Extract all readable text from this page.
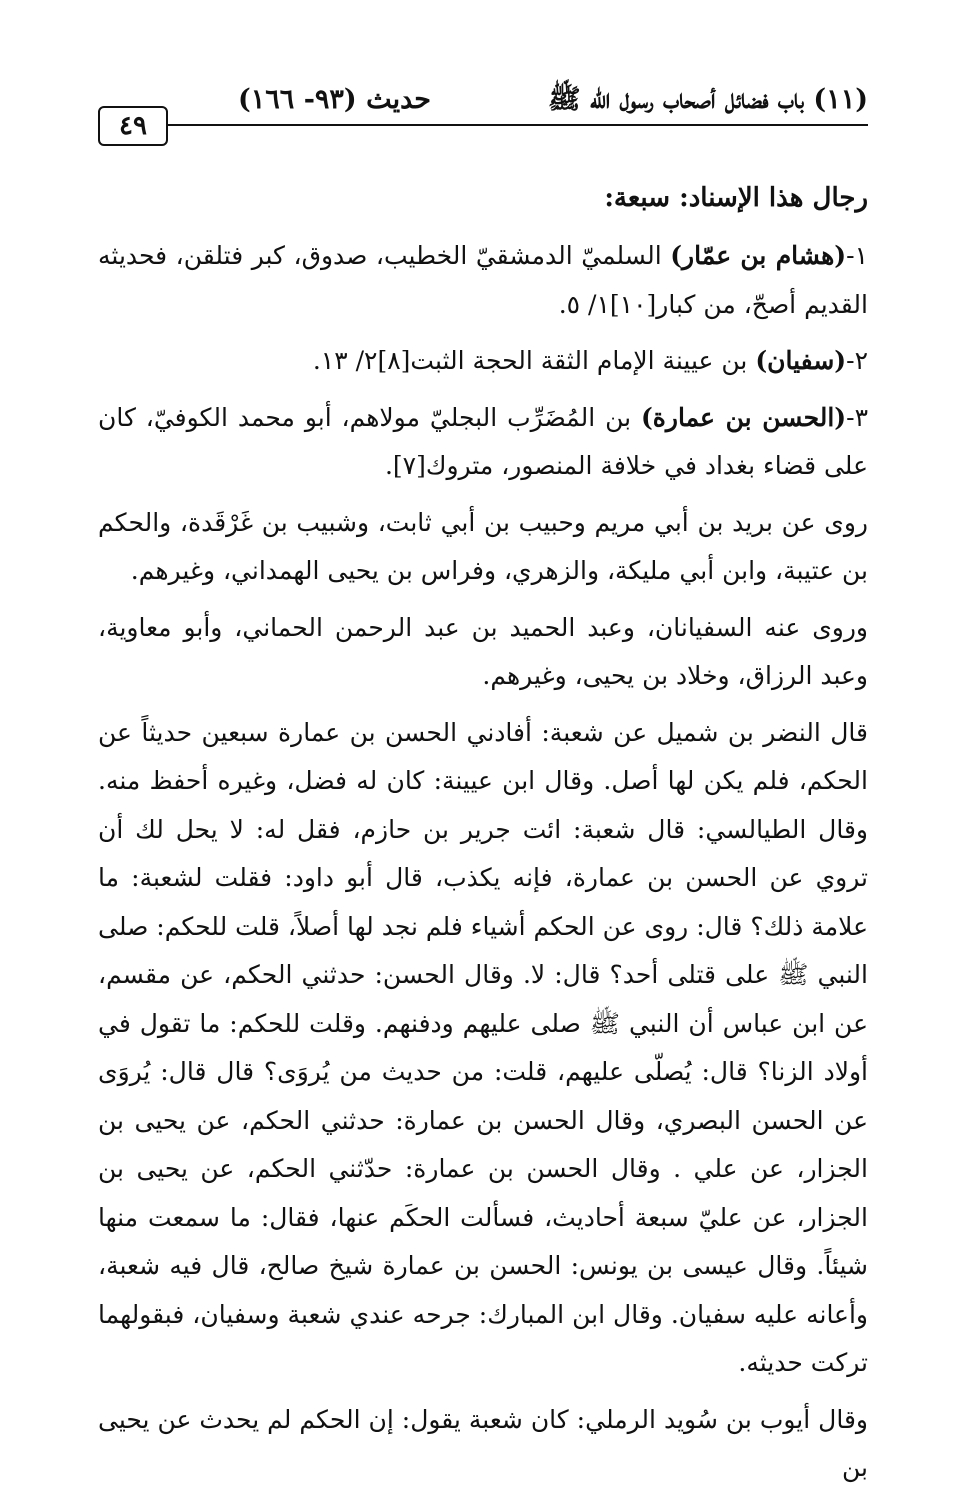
(١١) باب فضائل أصحاب رسول الله ﷺ
حديث (٩٣- ١٦٦)
٤٩
رجال هذا الإسناد: سبعة:

١-(هشام بن عمّار) السلميّ الدمشقيّ الخطيب، صدوق، كبر فتلقن، فحديثه القديم أصحّ، من كبار[١٠]١/ ٥.

٢-(سفيان) بن عيينة الإمام الثقة الحجة الثبت[٨]٢/ ١٣.

٣-(الحسن بن عمارة) بن المُضَرِّب البجليّ مولاهم، أبو محمد الكوفيّ، كان على قضاء بغداد في خلافة المنصور، متروك[٧].

روى عن بريد بن أبي مريم وحبيب بن أبي ثابت، وشبيب بن غَرْقَدة، والحكم بن عتيبة، وابن أبي مليكة، والزهري، وفراس بن يحيى الهمداني، وغيرهم.

وروى عنه السفيانان، وعبد الحميد بن عبد الرحمن الحماني، وأبو معاوية، وعبد الرزاق، وخلاد بن يحيى، وغيرهم.

قال النضر بن شميل عن شعبة: أفادني الحسن بن عمارة سبعين حديثاً عن الحكم، فلم يكن لها أصل. وقال ابن عيينة: كان له فضل، وغيره أحفظ منه. وقال الطيالسي: قال شعبة: ائت جرير بن حازم، فقل له: لا يحل لك أن تروي عن الحسن بن عمارة، فإنه يكذب، قال أبو داود: فقلت لشعبة: ما علامة ذلك؟ قال: روى عن الحكم أشياء فلم نجد لها أصلاً، قلت للحكم: صلى النبي ﷺ على قتلى أحد؟ قال: لا. وقال الحسن: حدثني الحكم، عن مقسم، عن ابن عباس أن النبي ﷺ صلى عليهم ودفنهم. وقلت للحكم: ما تقول في أولاد الزنا؟ قال: يُصلّى عليهم، قلت: من حديث من يُروَى؟ قال قال: يُروَى عن الحسن البصري، وقال الحسن بن عمارة: حدثني الحكم، عن يحيى بن الجزار، عن علي . وقال الحسن بن عمارة: حدّثني الحكم، عن يحيى بن الجزار، عن عليّ سبعة أحاديث، فسألت الحكَم عنها، فقال: ما سمعت منها شيئاً. وقال عيسى بن يونس: الحسن بن عمارة شيخ صالح، قال فيه شعبة، وأعانه عليه سفيان. وقال ابن المبارك: جرحه عندي شعبة وسفيان، فبقولهما تركت حديثه.

وقال أيوب بن سُويد الرملي: كان شعبة يقول: إن الحكم لم يحدث عن يحيى بن
